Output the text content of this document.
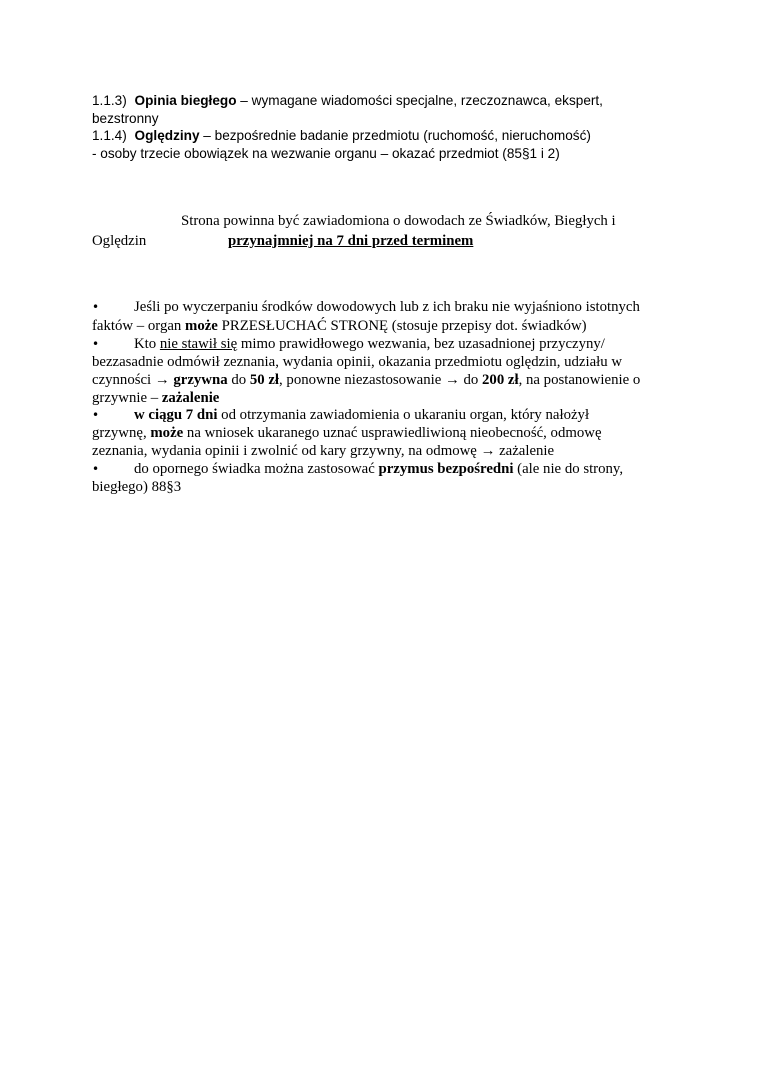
1.1.3) Opinia biegłego – wymagane wiadomości specjalne, rzeczoznawca, ekspert,
bezstronny
1.1.4) Oględziny – bezpośrednie badanie przedmiotu (ruchomość, nieruchomość)
- osoby trzecie obowiązek na wezwanie organu – okazać przedmiot (85§1 i 2)
Strona powinna być zawiadomiona o dowodach ze Świadków, Biegłych i
Oględzin	przynajmniej na 7 dni przed terminem
• Jeśli po wyczerpaniu środków dowodowych lub z ich braku nie wyjaśniono istotnych
faktów – organ może PRZESŁUCHAĆ STRONĘ (stosuje przepisy dot. świadków)
• Kto nie stawił się mimo prawidłowego wezwania, bez uzasadnionej przyczyny/
bezzasadnie odmówił zeznania, wydania opinii, okazania przedmiotu oględzin, udziału w
czynności → grzywna do 50 zł, ponowne niezastosowanie → do 200 zł, na postanowienie o
grzywnie – zażalenie
• w ciągu 7 dni od otrzymania zawiadomienia o ukaraniu organ, który nałożył
grzywnę, może na wniosek ukaranego uznać usprawiedliwioną nieobecność, odmowę
zeznania, wydania opinii i zwolnić od kary grzywny, na odmowę → zażalenie
• do opornego świadka można zastosować przymus bezpośredni (ale nie do strony,
biegłego) 88§3
